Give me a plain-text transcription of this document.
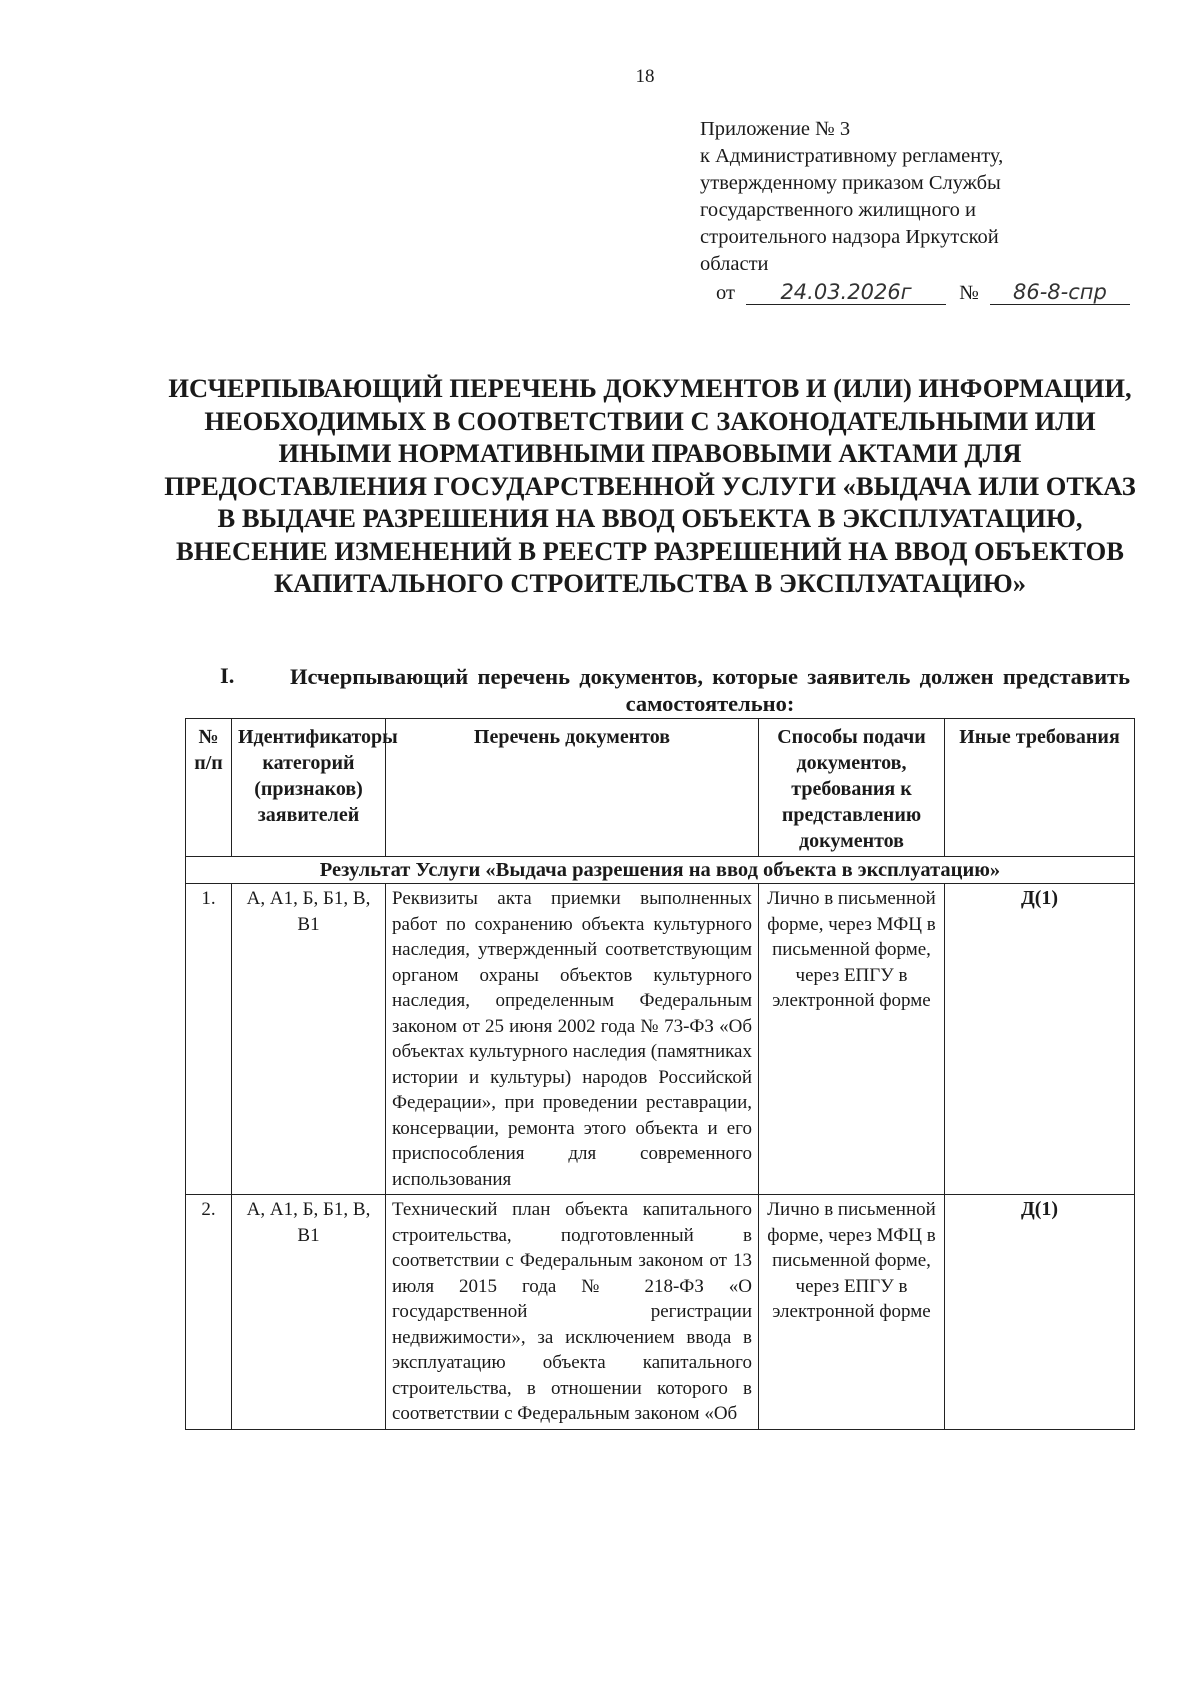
18
Приложение № 3
к Административному регламенту,
утвержденному приказом Службы
государственного жилищного и
строительного надзора Иркутской
области
от 24.03.2026г № 86-8-спр
ИСЧЕРПЫВАЮЩИЙ ПЕРЕЧЕНЬ ДОКУМЕНТОВ И (ИЛИ) ИНФОРМАЦИИ, НЕОБХОДИМЫХ В СООТВЕТСТВИИ С ЗАКОНОДАТЕЛЬНЫМИ ИЛИ ИНЫМИ НОРМАТИВНЫМИ ПРАВОВЫМИ АКТАМИ ДЛЯ ПРЕДОСТАВЛЕНИЯ ГОСУДАРСТВЕННОЙ УСЛУГИ «ВЫДАЧА ИЛИ ОТКАЗ В ВЫДАЧЕ РАЗРЕШЕНИЯ НА ВВОД ОБЪЕКТА В ЭКСПЛУАТАЦИЮ, ВНЕСЕНИЕ ИЗМЕНЕНИЙ В РЕЕСТР РАЗРЕШЕНИЙ НА ВВОД ОБЪЕКТОВ КАПИТАЛЬНОГО СТРОИТЕЛЬСТВА В ЭКСПЛУАТАЦИЮ»
I. Исчерпывающий перечень документов, которые заявитель должен представить самостоятельно:
№ п/п	Идентификаторы категорий (признаков) заявителей	Перечень документов	Способы подачи документов, требования к представлению документов	Иные требования
Результат Услуги «Выдача разрешения на ввод объекта в эксплуатацию»				
1.	А, А1, Б, Б1, В, В1	Реквизиты акта приемки выполненных работ по сохранению объекта культурного наследия, утвержденный соответствующим органом охраны объектов культурного наследия, определенным Федеральным законом от 25 июня 2002 года № 73-ФЗ «Об объектах культурного наследия (памятниках истории и культуры) народов Российской Федерации», при проведении реставрации, консервации, ремонта этого объекта и его приспособления для современного использования	Лично в письменной форме, через МФЦ в письменной форме, через ЕПГУ в электронной форме	Д(1)
2.	А, А1, Б, Б1, В, В1	Технический план объекта капитального строительства, подготовленный в соответствии с Федеральным законом от 13 июля 2015 года № 218-ФЗ «О государственной регистрации недвижимости», за исключением ввода в эксплуатацию объекта капитального строительства, в отношении которого в соответствии с Федеральным законом «Об	Лично в письменной форме, через МФЦ в письменной форме, через ЕПГУ в электронной форме	Д(1)
